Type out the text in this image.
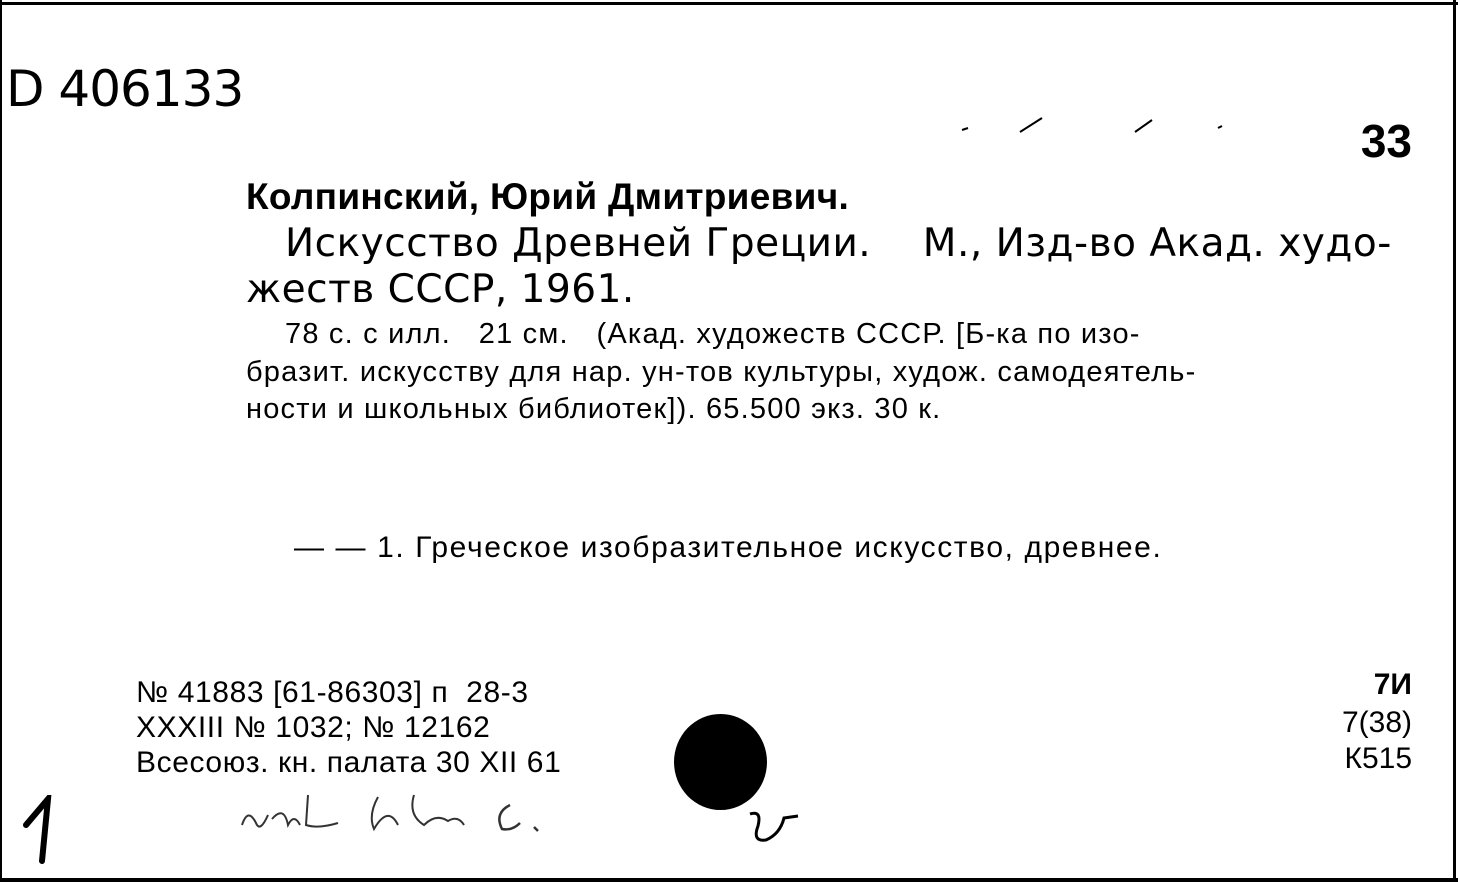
D 406133
33
Колпинский, Юрий Дмитриевич.
Искусство Древней Греции.    М., Изд-во Акад. худо-
жеств СССР, 1961.
78 с. с илл.   21 см.   (Акад. художеств СССР. [Б-ка по изо-
бразит. искусству для нар. ун-тов культуры, худож. самодеятель-
ности и школьных библиотек]). 65.500 экз. 30 к.
— — 1. Греческое изобразительное искусство, древнее.
№ 41883 [61-86303] п  28-3
XXXIII № 1032; № 12162
Всесоюз. кн. палата 30 XII 61
7И
7(38)
К515
